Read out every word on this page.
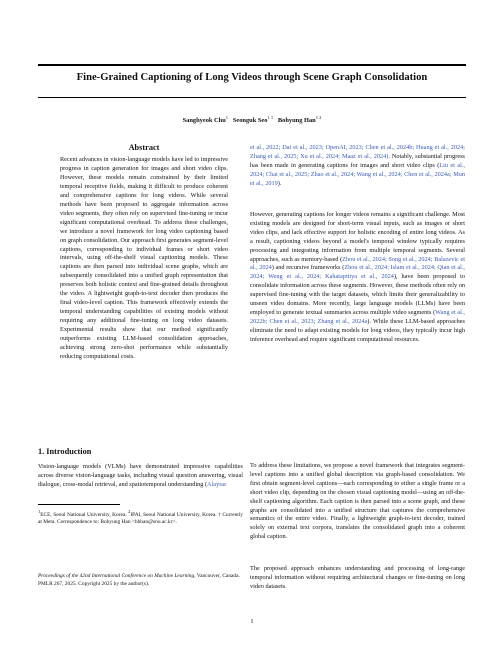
Fine-Grained Captioning of Long Videos through Scene Graph Consolidation
Sanghyeok Chu$^1$ Seonguk Seo$^{1 1}$ Bohyung Han$^{1 2}$
Abstract
Recent advances in vision-language models have led to impressive progress in caption generation for images and short video clips. However, these models remain constrained by their limited temporal receptive fields, making it difficult to produce coherent and comprehensive captions for long videos. While several methods have been proposed to aggregate information across video segments, they often rely on supervised fine-tuning or incur significant computational overhead. To address these challenges, we introduce a novel framework for long video captioning based on graph consolidation. Our approach first generates segment-level captions, corresponding to individual frames or short video intervals, using off-the-shelf visual captioning models. These captions are then parsed into individual scene graphs, which are subsequently consolidated into a unified graph representation that preserves both holistic context and fine-grained details throughout the video. A lightweight graph-to-text decoder then produces the final video-level caption. This framework effectively extends the temporal understanding capabilities of existing models without requiring any additional fine-tuning on long video datasets. Experimental results show that our method significantly outperforms existing LLM-based consolidation approaches, achieving strong zero-shot performance while substantially reducing computational costs.
1. Introduction
Vision-language models (VLMs) have demonstrated impressive capabilities across diverse vision-language tasks, including visual question answering, visual dialogue, cross-modal retrieval, and spatiotemporal understanding (Alayrac
$^1$ECE, Seoul National University, Korea. $^2$IPAI, Seoul National University, Korea. † Currently at Meta. Correspondence to: Bohyung Han <bhhan@snu.ac.kr>.
Proceedings of the 42nd International Conference on Machine Learning, Vancouver, Canada. PMLR 267, 2025. Copyright 2025 by the author(s).

et al., 2022; Dai et al., 2023; OpenAI, 2023; Chen et al., 2024b; Huang et al., 2024; Zhang et al., 2025; Xu et al., 2024; Maaz et al., 2024). Notably, substantial progress has been made in generating captions for images and short video clips (Liu et al., 2024; Chai et al., 2025; Zhao et al., 2024; Wang et al., 2024; Chen et al., 2024a; Mun et al., 2019).

However, generating captions for longer videos remains a significant challenge. Most existing models are designed for short-term visual inputs, such as images or short video clips, and lack effective support for holistic encoding of entire long videos. As a result, captioning videos beyond a model's temporal window typically requires processing and integrating information from multiple temporal segments. Several approaches, such as memory-based (Zhou et al., 2024; Song et al., 2024; Balazevic et al., 2024) and recursive frameworks (Zhou et al., 2024; Islam et al., 2024; Qian et al., 2024; Weng et al., 2024; Kahatapitiya et al., 2024), have been proposed to consolidate information across these segments. However, these methods often rely on supervised fine-tuning with the target datasets, which limits their generalizability to unseen video domains. More recently, large language models (LLMs) have been employed to generate textual summaries across multiple video segments (Wang et al., 2022b; Chen et al., 2023; Zhang et al., 2024a). While these LLM-based approaches eliminate the need to adapt existing models for long videos, they typically incur high inference overhead and require significant computational resources.

To address these limitations, we propose a novel framework that integrates segment-level captions into a unified global description via graph-based consolidation. We first obtain segment-level captions—each corresponding to either a single frame or a short video clip, depending on the chosen visual captioning model—using an off-the-shelf captioning algorithm. Each caption is then parsed into a scene graph, and these graphs are consolidated into a unified structure that captures the comprehensive semantics of the entire video. Finally, a lightweight graph-to-text decoder, trained solely on external text corpora, translates the consolidated graph into a coherent global caption.

The proposed approach enhances understanding and processing of long-range temporal information without requiring architectural changes or fine-tuning on long video datasets.

1
